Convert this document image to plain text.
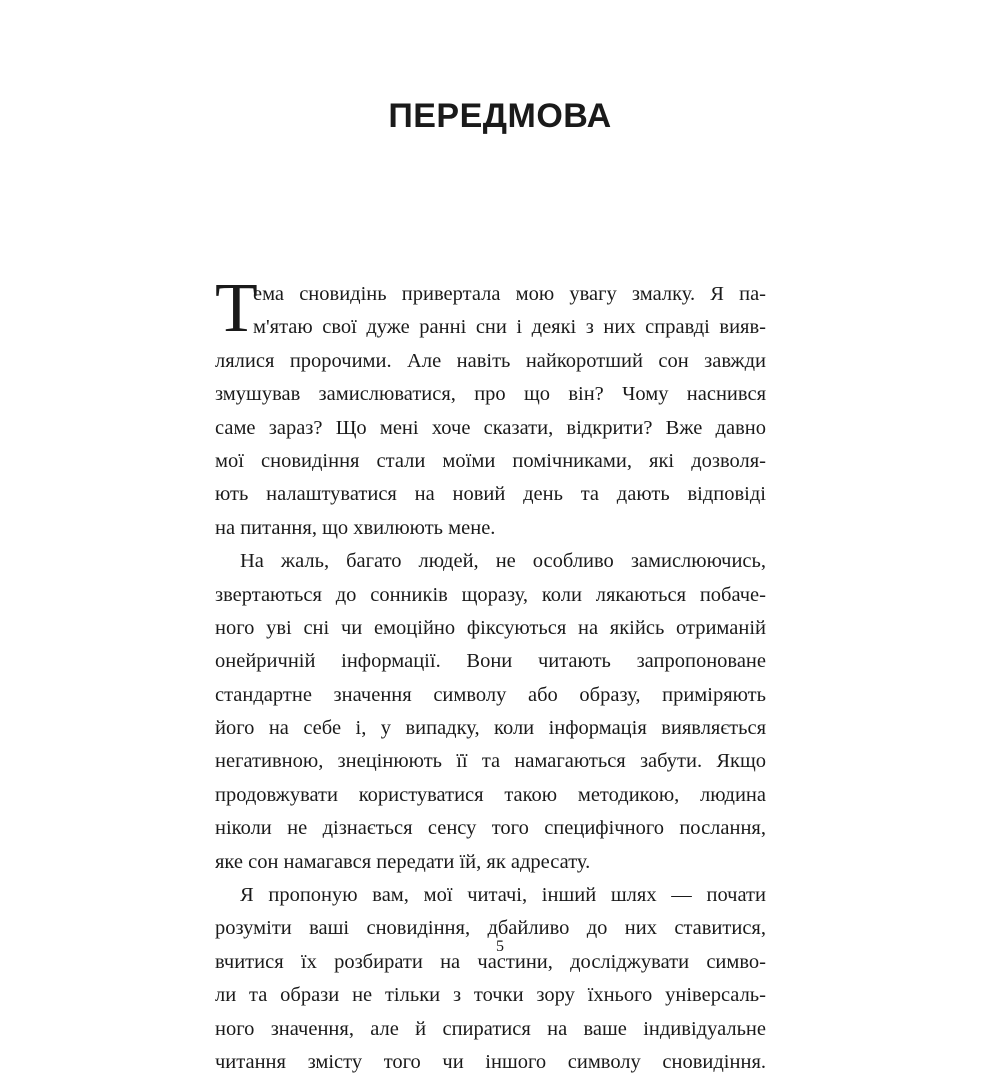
ПЕРЕДМОВА
Т
ема сновидінь привертала мою увагу змалку. Я па-
м'ятаю свої дуже ранні сни і деякі з них справді вияв-
лялися пророчими. Але навіть найкоротший сон завжди
змушував замислюватися, про що він? Чому наснився
саме зараз? Що мені хоче сказати, відкрити? Вже давно
мої сновидіння стали моїми помічниками, які дозволя-
ють налаштуватися на новий день та дають відповіді
на питання, що хвилюють мене.
На жаль, багато людей, не особливо замислюючись,
звертаються до сонників щоразу, коли лякаються побаче-
ного уві сні чи емоційно фіксуються на якійсь отриманій
онейричній інформації. Вони читають запропоноване
стандартне значення символу або образу, приміряють
його на себе і, у випадку, коли інформація виявляється
негативною, знецінюють її та намагаються забути. Якщо
продовжувати користуватися такою методикою, людина
ніколи не дізнається сенсу того специфічного послання,
яке сон намагався передати їй, як адресату.
Я пропоную вам, мої читачі, інший шлях — почати
розуміти ваші сновидіння, дбайливо до них ставитися,
вчитися їх розбирати на частини, досліджувати симво-
ли та образи не тільки з точки зору їхнього універсаль-
ного значення, але й спиратися на ваше індивідуальне
читання змісту того чи іншого символу сновидіння.
5
